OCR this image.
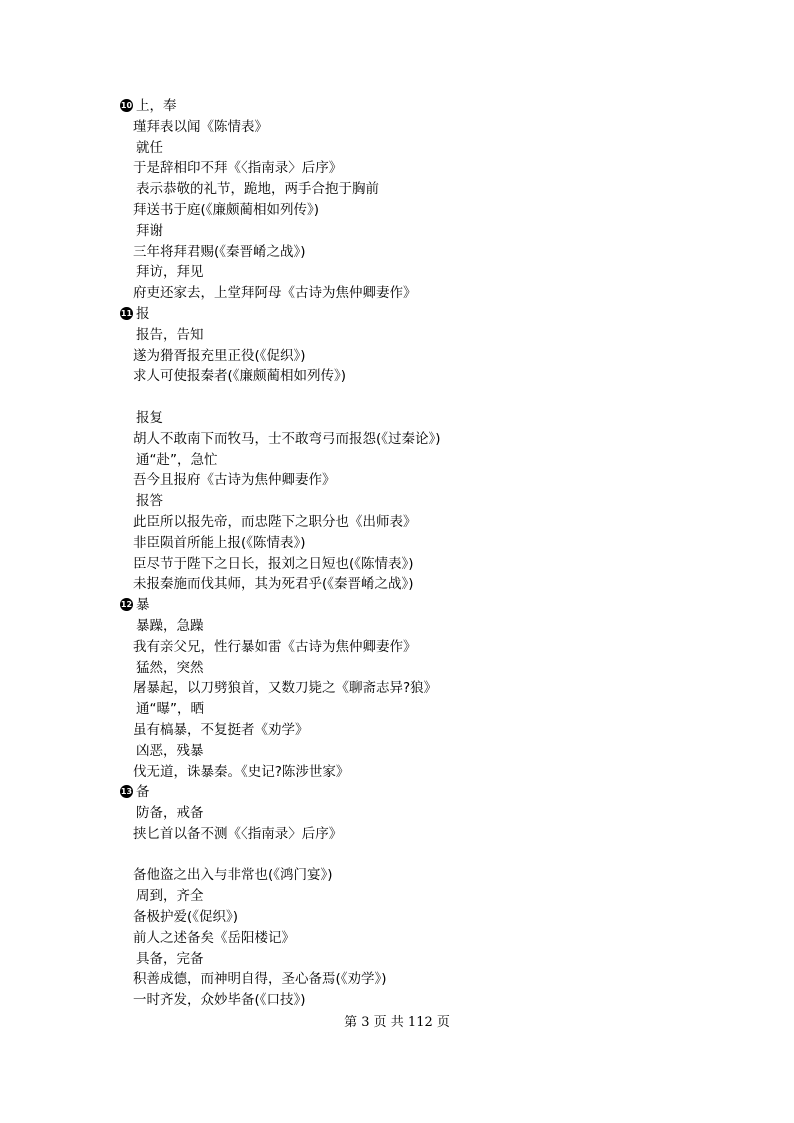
10 上，奉
瑾拜表以闻《陈情表》
就任
于是辞相印不拜《〈指南录〉后序》
表示恭敬的礼节，跪地，两手合抱于胸前
拜送书于庭(《廉颇蔺相如列传》)
拜谢
三年将拜君赐(《秦晋崤之战》)
拜访，拜见
府吏还家去，上堂拜阿母《古诗为焦仲卿妻作》
11 报
报告，告知
遂为猾胥报充里正役(《促织》)
求人可使报秦者(《廉颇蔺相如列传》)
报复
胡人不敢南下而牧马，士不敢弯弓而报怨(《过秦论》)
通“赴”，急忙
吾今且报府《古诗为焦仲卿妻作》
报答
此臣所以报先帝，而忠陛下之职分也《出师表》
非臣陨首所能上报(《陈情表》)
臣尽节于陛下之日长，报刘之日短也(《陈情表》)
未报秦施而伐其师，其为死君乎(《秦晋崤之战》)
12 暴
暴躁，急躁
我有亲父兄，性行暴如雷《古诗为焦仲卿妻作》
猛然，突然
屠暴起，以刀劈狼首，又数刀毙之《聊斋志异?狼》
通“曝”，晒
虽有槁暴，不复挺者《劝学》
凶恶，残暴
伐无道，诛暴秦。《史记?陈涉世家》
13 备
防备，戒备
挟匕首以备不测《〈指南录〉后序》
备他盗之出入与非常也(《鸿门宴》)
周到，齐全
备极护爱(《促织》)
前人之述备矣《岳阳楼记》
具备，完备
积善成德，而神明自得，圣心备焉(《劝学》)
一时齐发，众妙毕备(《口技》)
第 3 页 共 112 页
